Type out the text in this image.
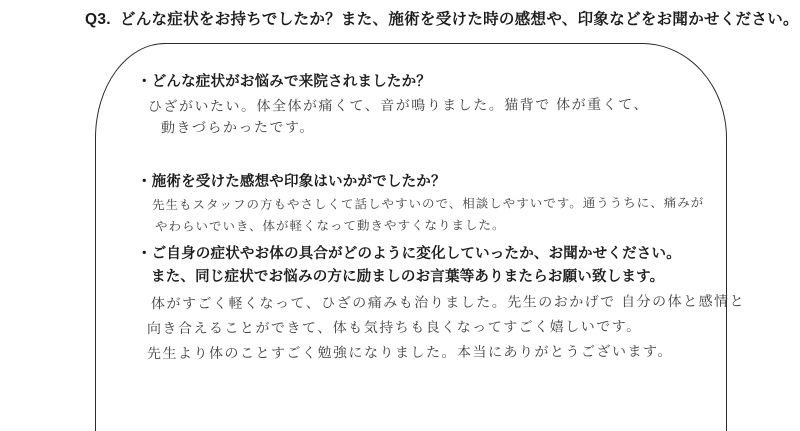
Q3. どんな症状をお持ちでしたか？また、施術を受けた時の感想や、印象などをお聞かせください。
・どんな症状がお悩みで来院されましたか？
ひざがいたい。体全体が痛くて、音が鳴りました。猫背で 体が重くて、
動きづらかったです。
・施術を受けた感想や印象はいかがでしたか？
先生もスタッフの方もやさしくて話しやすいので、相談しやすいです。通ううちに、痛みが
やわらいでいき、体が軽くなって動きやすくなりました。
・ご自身の症状やお体の具合がどのように変化していったか、お聞かせください。
また、同じ症状でお悩みの方に励ましのお言葉等ありまたらお願い致します。
体がすごく軽くなって、ひざの痛みも治りました。先生のおかげで 自分の体と感情と
向き合えることができて、体も気持ちも良くなってすごく嬉しいです。
先生より体のことすごく勉強になりました。本当にありがとうございます。
